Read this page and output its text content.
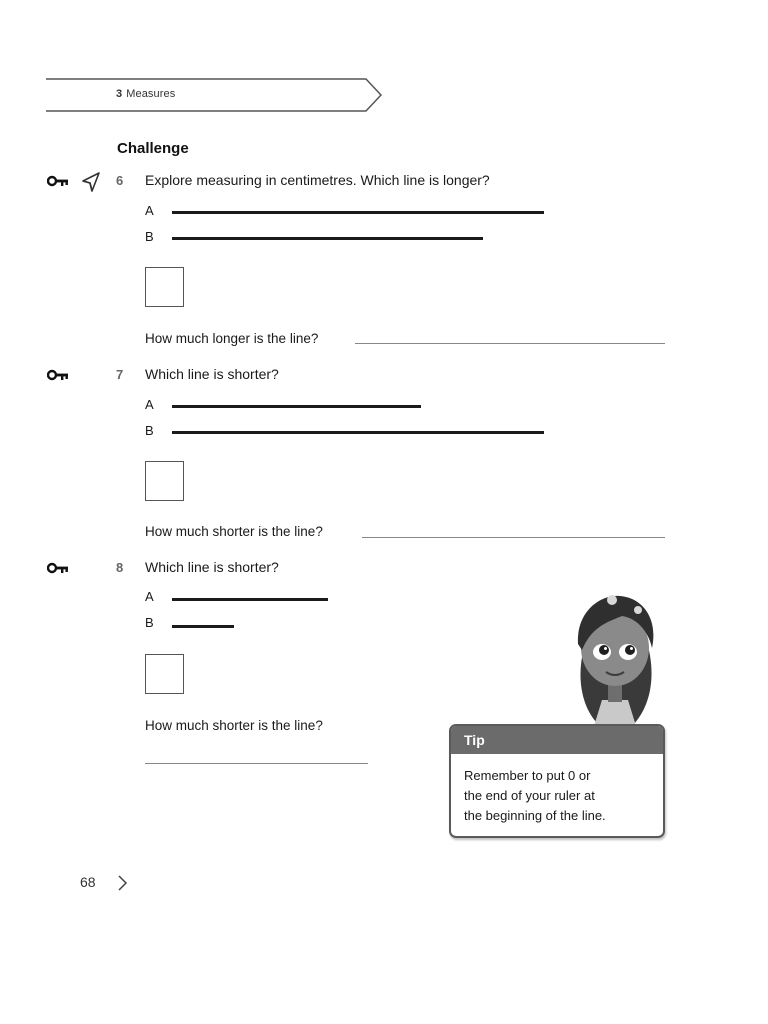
3 Measures
Challenge
6 Explore measuring in centimetres. Which line is longer?
A
B
How much longer is the line?
7 Which line is shorter?
A
B
How much shorter is the line?
8 Which line is shorter?
A
B
How much shorter is the line?
Tip
Remember to put 0 or
the end of your ruler at
the beginning of the line.
68
